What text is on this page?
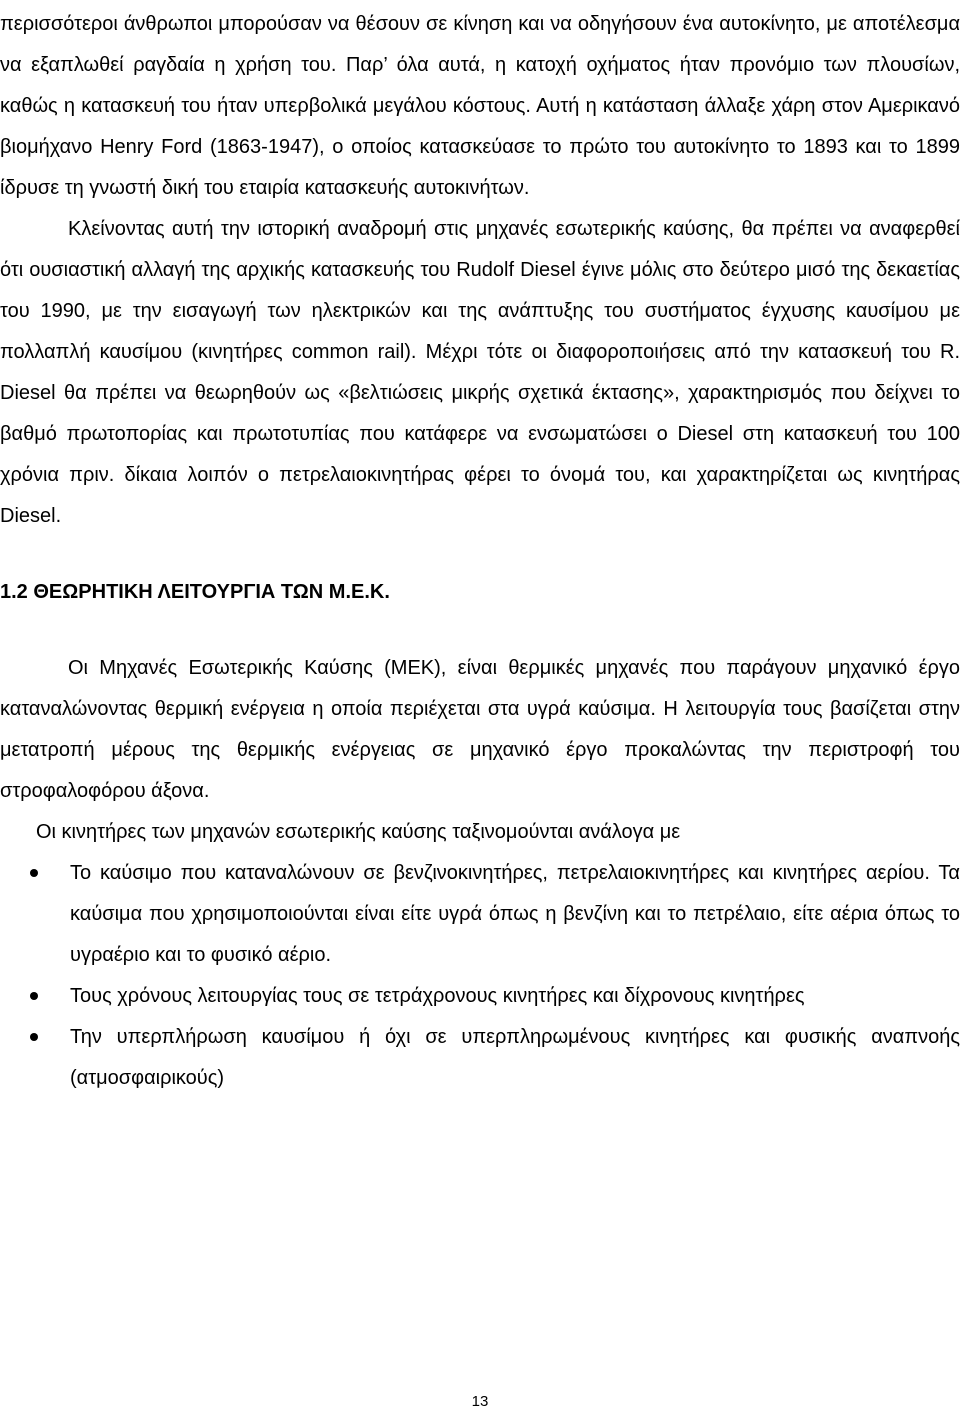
περισσότεροι άνθρωποι μπορούσαν να θέσουν σε κίνηση και να οδηγήσουν ένα αυτοκίνητο, με αποτέλεσμα να εξαπλωθεί ραγδαία η χρήση του. Παρ’ όλα αυτά, η κατοχή οχήματος ήταν προνόμιο των πλουσίων, καθώς η κατασκευή του ήταν υπερβολικά μεγάλου κόστους. Αυτή η κατάσταση άλλαξε χάρη στον Αμερικανό βιομήχανο Henry Ford (1863-1947), ο οποίος κατασκεύασε το πρώτο του αυτοκίνητο το 1893 και το 1899 ίδρυσε τη γνωστή δική του εταιρία κατασκευής αυτοκινήτων.

Κλείνοντας αυτή την ιστορική αναδρομή στις μηχανές εσωτερικής καύσης, θα πρέπει να αναφερθεί ότι ουσιαστική αλλαγή της αρχικής κατασκευής του Rudolf Diesel έγινε μόλις στο δεύτερο μισό της δεκαετίας του 1990, με την εισαγωγή των ηλεκτρικών και της ανάπτυξης του συστήματος έγχυσης καυσίμου με πολλαπλή καυσίμου (κινητήρες common rail). Μέχρι τότε οι διαφοροποιήσεις από την κατασκευή του R. Diesel θα πρέπει να θεωρηθούν ως «βελτιώσεις μικρής σχετικά έκτασης», χαρακτηρισμός που δείχνει το βαθμό πρωτοπορίας και πρωτοτυπίας που κατάφερε να ενσωματώσει ο Diesel στη κατασκευή του 100 χρόνια πριν. δίκαια λοιπόν ο πετρελαιοκινητήρας φέρει το όνομά του, και χαρακτηρίζεται ως κινητήρας Diesel.

1.2 ΘΕΩΡΗΤΙΚΗ ΛΕΙΤΟΥΡΓΙΑ ΤΩΝ Μ.Ε.Κ.

Οι Μηχανές Εσωτερικής Καύσης (ΜΕΚ), είναι θερμικές μηχανές που παράγουν μηχανικό έργο καταναλώνοντας θερμική ενέργεια η οποία περιέχεται στα υγρά καύσιμα. Η λειτουργία τους βασίζεται στην μετατροπή μέρους της θερμικής ενέργειας σε μηχανικό έργο προκαλώντας την περιστροφή του στροφαλοφόρου άξονα.

Οι κινητήρες των μηχανών εσωτερικής καύσης ταξινομούνται ανάλογα με

Το καύσιμο που καταναλώνουν σε βενζινοκινητήρες, πετρελαιοκινητήρες και κινητήρες αερίου. Τα καύσιμα που χρησιμοποιούνται είναι είτε υγρά όπως η βενζίνη και το πετρέλαιο, είτε αέρια όπως το υγραέριο και το φυσικό αέριο.
Τους χρόνους λειτουργίας τους σε τετράχρονους κινητήρες και δίχρονους κινητήρες
Την υπερπλήρωση καυσίμου ή όχι σε υπερπληρωμένους κινητήρες και φυσικής αναπνοής (ατμοσφαιρικούς)
13
